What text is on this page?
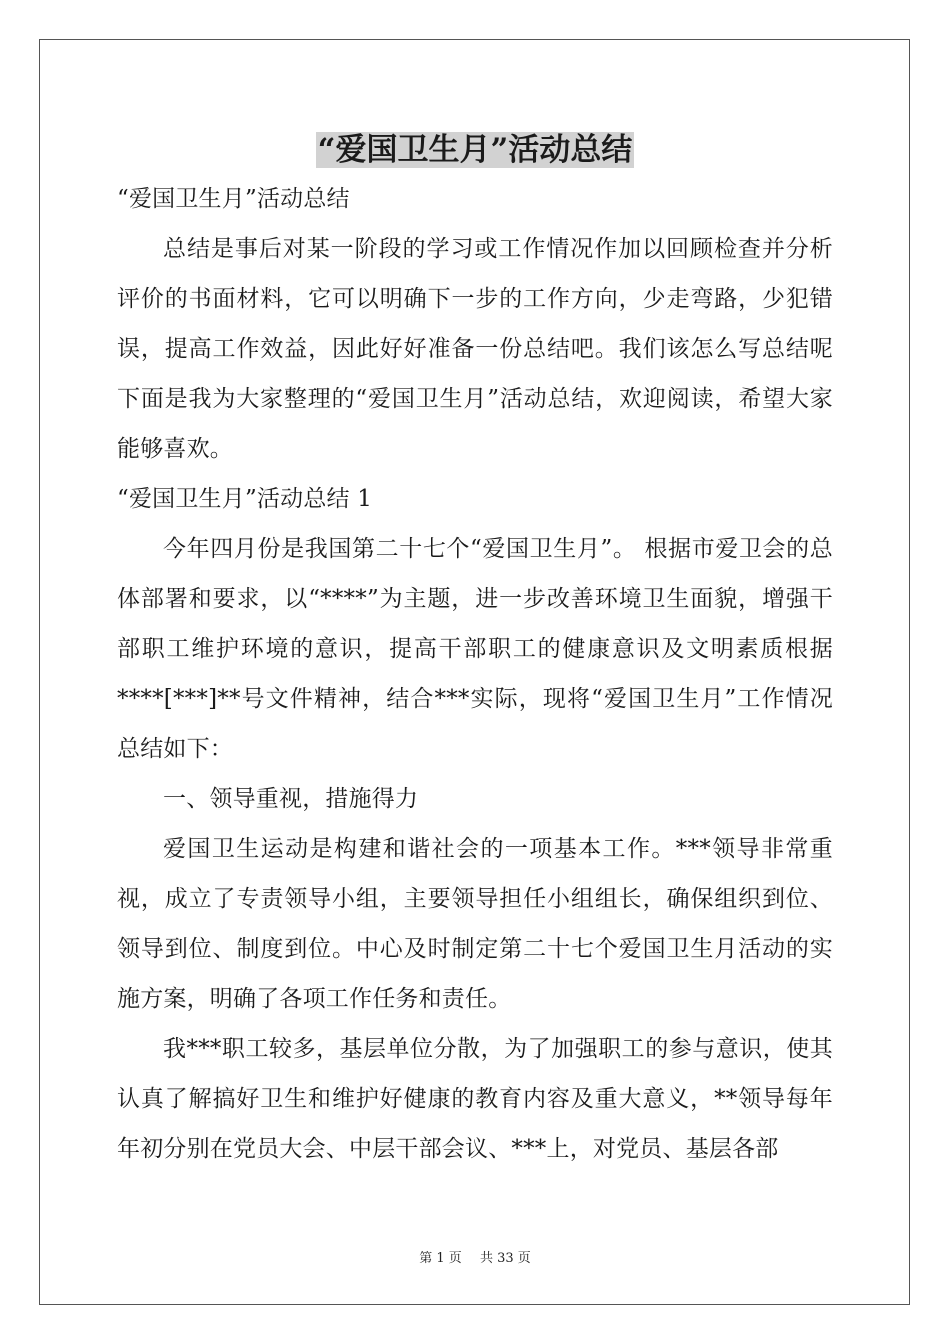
“爱国卫生月”活动总结

“爱国卫生月”活动总结

总结是事后对某一阶段的学习或工作情况作加以回顾检查并分析评价的书面材料，它可以明确下一步的工作方向，少走弯路，少犯错误，提高工作效益，因此好好准备一份总结吧。我们该怎么写总结呢下面是我为大家整理的“爱国卫生月”活动总结，欢迎阅读，希望大家能够喜欢。

“爱国卫生月”活动总结 1

今年四月份是我国第二十七个“爱国卫生月”。 根据市爱卫会的总体部署和要求，以“****”为主题，进一步改善环境卫生面貌，增强干部职工维护环境的意识，提高干部职工的健康意识及文明素质根据****[***]**号文件精神，结合***实际，现将“爱国卫生月”工作情况总结如下：

一、领导重视，措施得力

爱国卫生运动是构建和谐社会的一项基本工作。***领导非常重视，成立了专责领导小组，主要领导担任小组组长，确保组织到位、领导到位、制度到位。中心及时制定第二十七个爱国卫生月活动的实施方案，明确了各项工作任务和责任。

我***职工较多，基层单位分散，为了加强职工的参与意识，使其认真了解搞好卫生和维护好健康的教育内容及重大意义，**领导每年年初分别在党员大会、中层干部会议、***上，对党员、基层各部

第 1 页 共 33 页
